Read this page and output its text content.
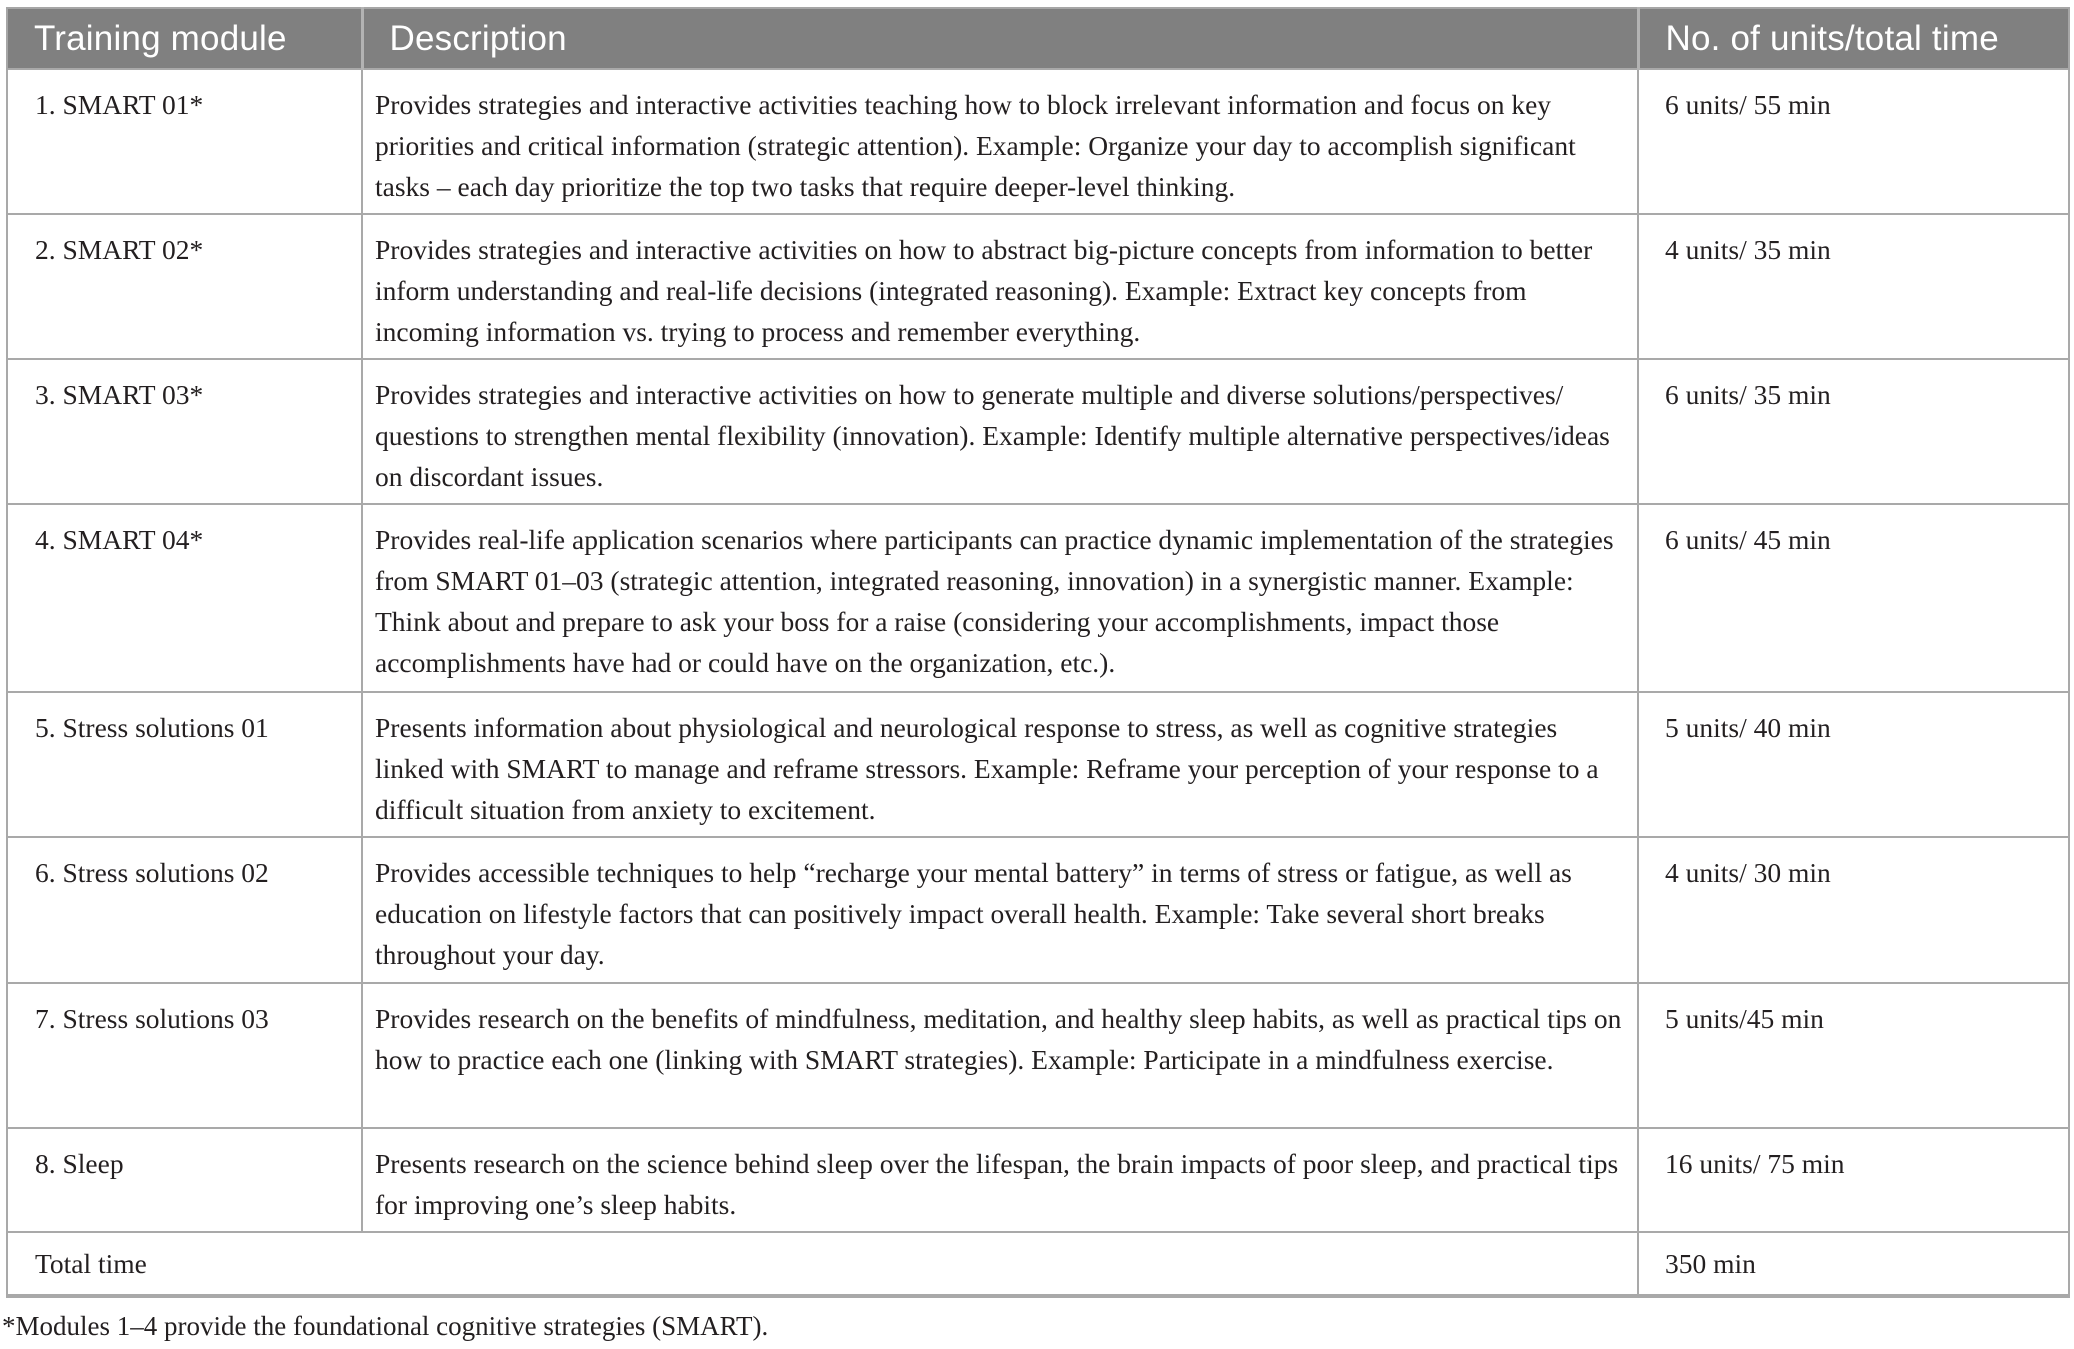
Training module	Description	No. of units/total time
1. SMART 01*	Provides strategies and interactive activities teaching how to block irrelevant information and focus on key priorities and critical information (strategic attention). Example: Organize your day to accomplish significant tasks – each day prioritize the top two tasks that require deeper-level thinking.	6 units/ 55 min
2. SMART 02*	Provides strategies and interactive activities on how to abstract big-picture concepts from information to better inform understanding and real-life decisions (integrated reasoning). Example: Extract key concepts from incoming information vs. trying to process and remember everything.	4 units/ 35 min
3. SMART 03*	Provides strategies and interactive activities on how to generate multiple and diverse solutions/perspectives/ questions to strengthen mental flexibility (innovation). Example: Identify multiple alternative perspectives/ideas on discordant issues.	6 units/ 35 min
4. SMART 04*	Provides real-life application scenarios where participants can practice dynamic implementation of the strategies from SMART 01–03 (strategic attention, integrated reasoning, innovation) in a synergistic manner. Example: Think about and prepare to ask your boss for a raise (considering your accomplishments, impact those accomplishments have had or could have on the organization, etc.).	6 units/ 45 min
5. Stress solutions 01	Presents information about physiological and neurological response to stress, as well as cognitive strategies linked with SMART to manage and reframe stressors. Example: Reframe your perception of your response to a difficult situation from anxiety to excitement.	5 units/ 40 min
6. Stress solutions 02	Provides accessible techniques to help “recharge your mental battery” in terms of stress or fatigue, as well as education on lifestyle factors that can positively impact overall health. Example: Take several short breaks throughout your day.	4 units/ 30 min
7. Stress solutions 03	Provides research on the benefits of mindfulness, meditation, and healthy sleep habits, as well as practical tips on how to practice each one (linking with SMART strategies). Example: Participate in a mindfulness exercise.	5 units/45 min
8. Sleep	Presents research on the science behind sleep over the lifespan, the brain impacts of poor sleep, and practical tips for improving one’s sleep habits.	16 units/ 75 min
Total time		350 min
*Modules 1–4 provide the foundational cognitive strategies (SMART).
